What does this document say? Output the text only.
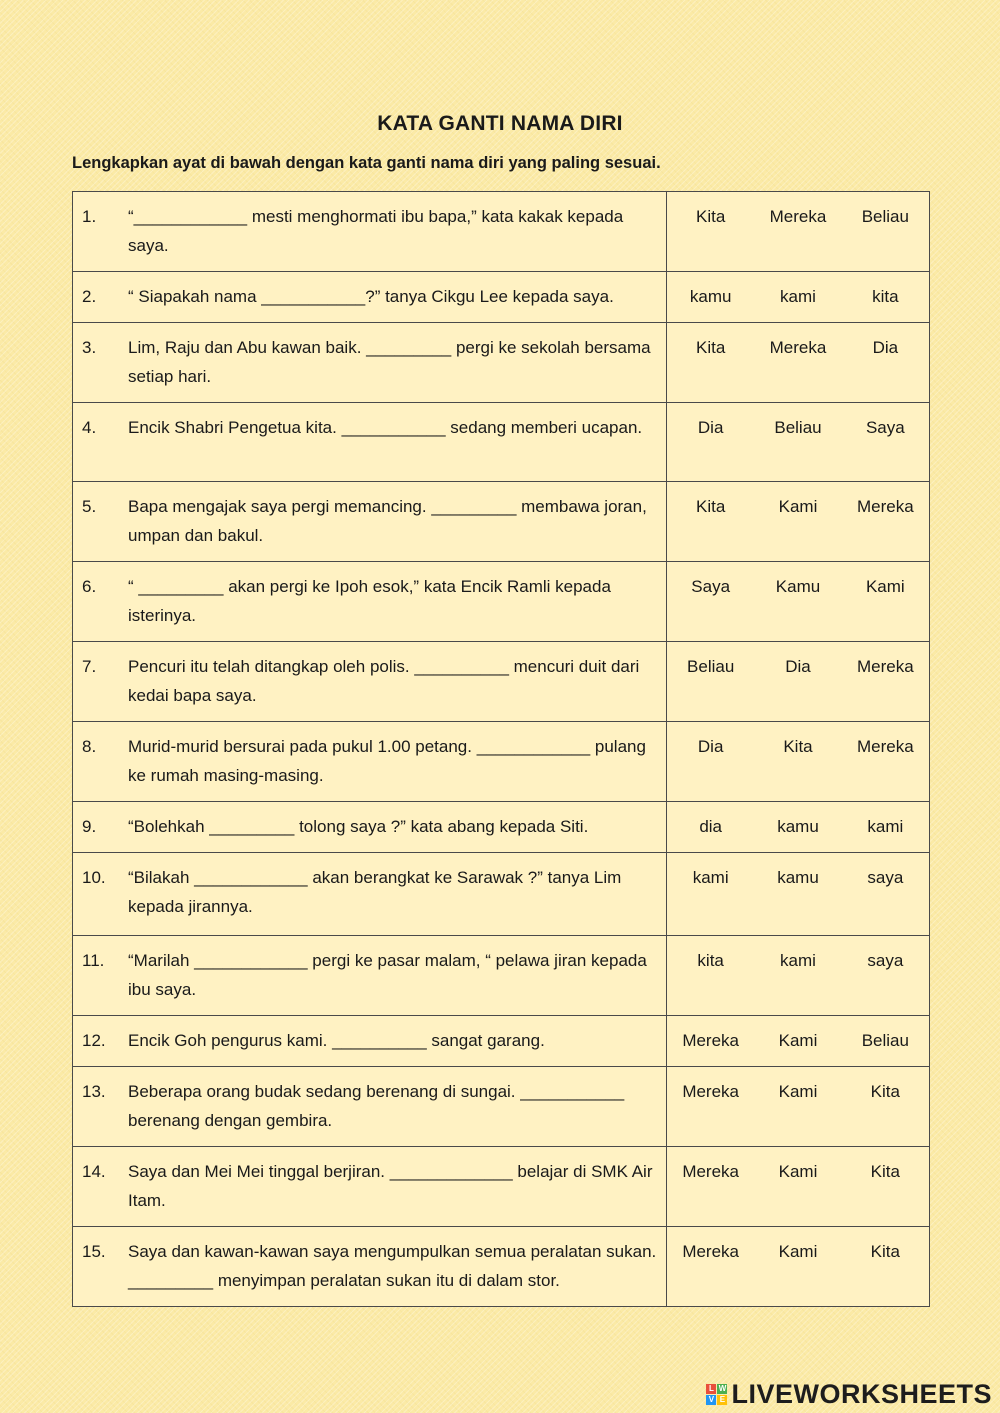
KATA GANTI NAMA DIRI
Lengkapkan ayat di bawah dengan kata ganti nama diri yang paling sesuai.
1. “____________ mesti menghormati ibu bapa,” kata kakak kepada saya.	Kita Mereka Beliau

2. “ Siapakah nama ___________?” tanya Cikgu Lee kepada saya.	kamu kami kita

3. Lim, Raju dan Abu kawan baik. _________ pergi ke sekolah bersama setiap hari.	Kita Mereka Dia

4. Encik Shabri Pengetua kita. ___________ sedang memberi ucapan.	Dia Beliau Saya

5. Bapa mengajak saya pergi memancing. _________ membawa joran, umpan dan bakul.	Kita Kami Mereka

6. “ _________ akan pergi ke Ipoh esok,” kata Encik Ramli kepada isterinya.	Saya Kamu Kami

7. Pencuri itu telah ditangkap oleh polis. __________ mencuri duit dari kedai bapa saya.	Beliau Dia Mereka

8. Murid-murid bersurai pada pukul 1.00 petang. ____________ pulang ke rumah masing-masing.	Dia Kita Mereka

9. “Bolehkah _________ tolong saya ?” kata abang kepada Siti.	dia kamu kami

10. “Bilakah ____________ akan berangkat ke Sarawak ?” tanya Lim kepada jirannya.	kami kamu saya

11. “Marilah ____________ pergi ke pasar malam, “ pelawa jiran kepada ibu saya.	kita kami saya

12. Encik Goh pengurus kami. __________ sangat garang.	Mereka Kami Beliau

13. Beberapa orang budak sedang berenang di sungai. ___________ berenang dengan gembira.	Mereka Kami Kita

14. Saya dan Mei Mei tinggal berjiran. _____________ belajar di SMK Air Itam.	Mereka Kami Kita

15. Saya dan kawan-kawan saya mengumpulkan semua peralatan sukan. _________ menyimpan peralatan sukan itu di dalam stor.	Mereka Kami Kita
L W
V E LIVEWORKSHEETS
